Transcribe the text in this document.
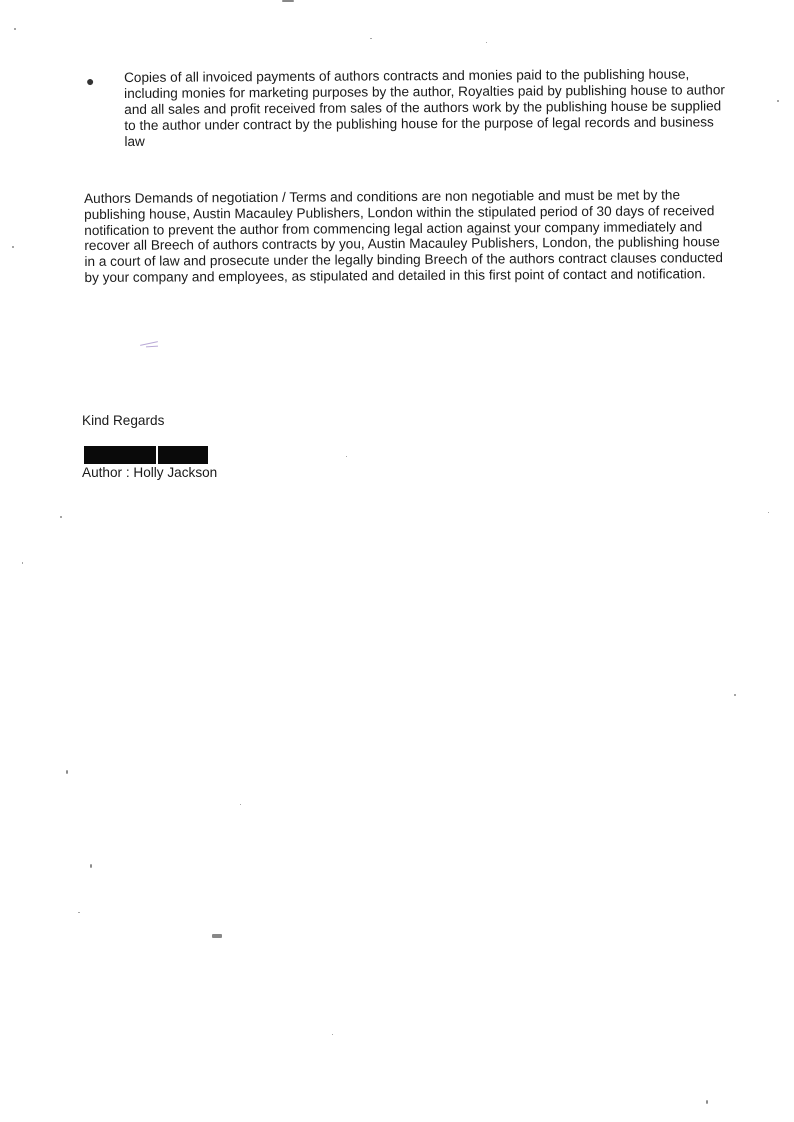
● Copies of all invoiced payments of authors contracts and monies paid to the publishing house, including monies for marketing purposes by the author, Royalties paid by publishing house to author and all sales and profit received from sales of the authors work by the publishing house be supplied to the author under contract by the publishing house for the purpose of legal records and business law
Authors Demands of negotiation / Terms and conditions are non negotiable and must be met by the publishing house, Austin Macauley Publishers, London within the stipulated period of 30 days of received notification to prevent the author from commencing legal action against your company immediately and recover all Breech of authors contracts by you, Austin Macauley Publishers, London, the publishing house in a court of law and prosecute under the legally binding Breech of the authors contract clauses conducted by your company and employees, as stipulated and detailed in this first point of contact and notification.
Kind Regards
Author : Holly Jackson
